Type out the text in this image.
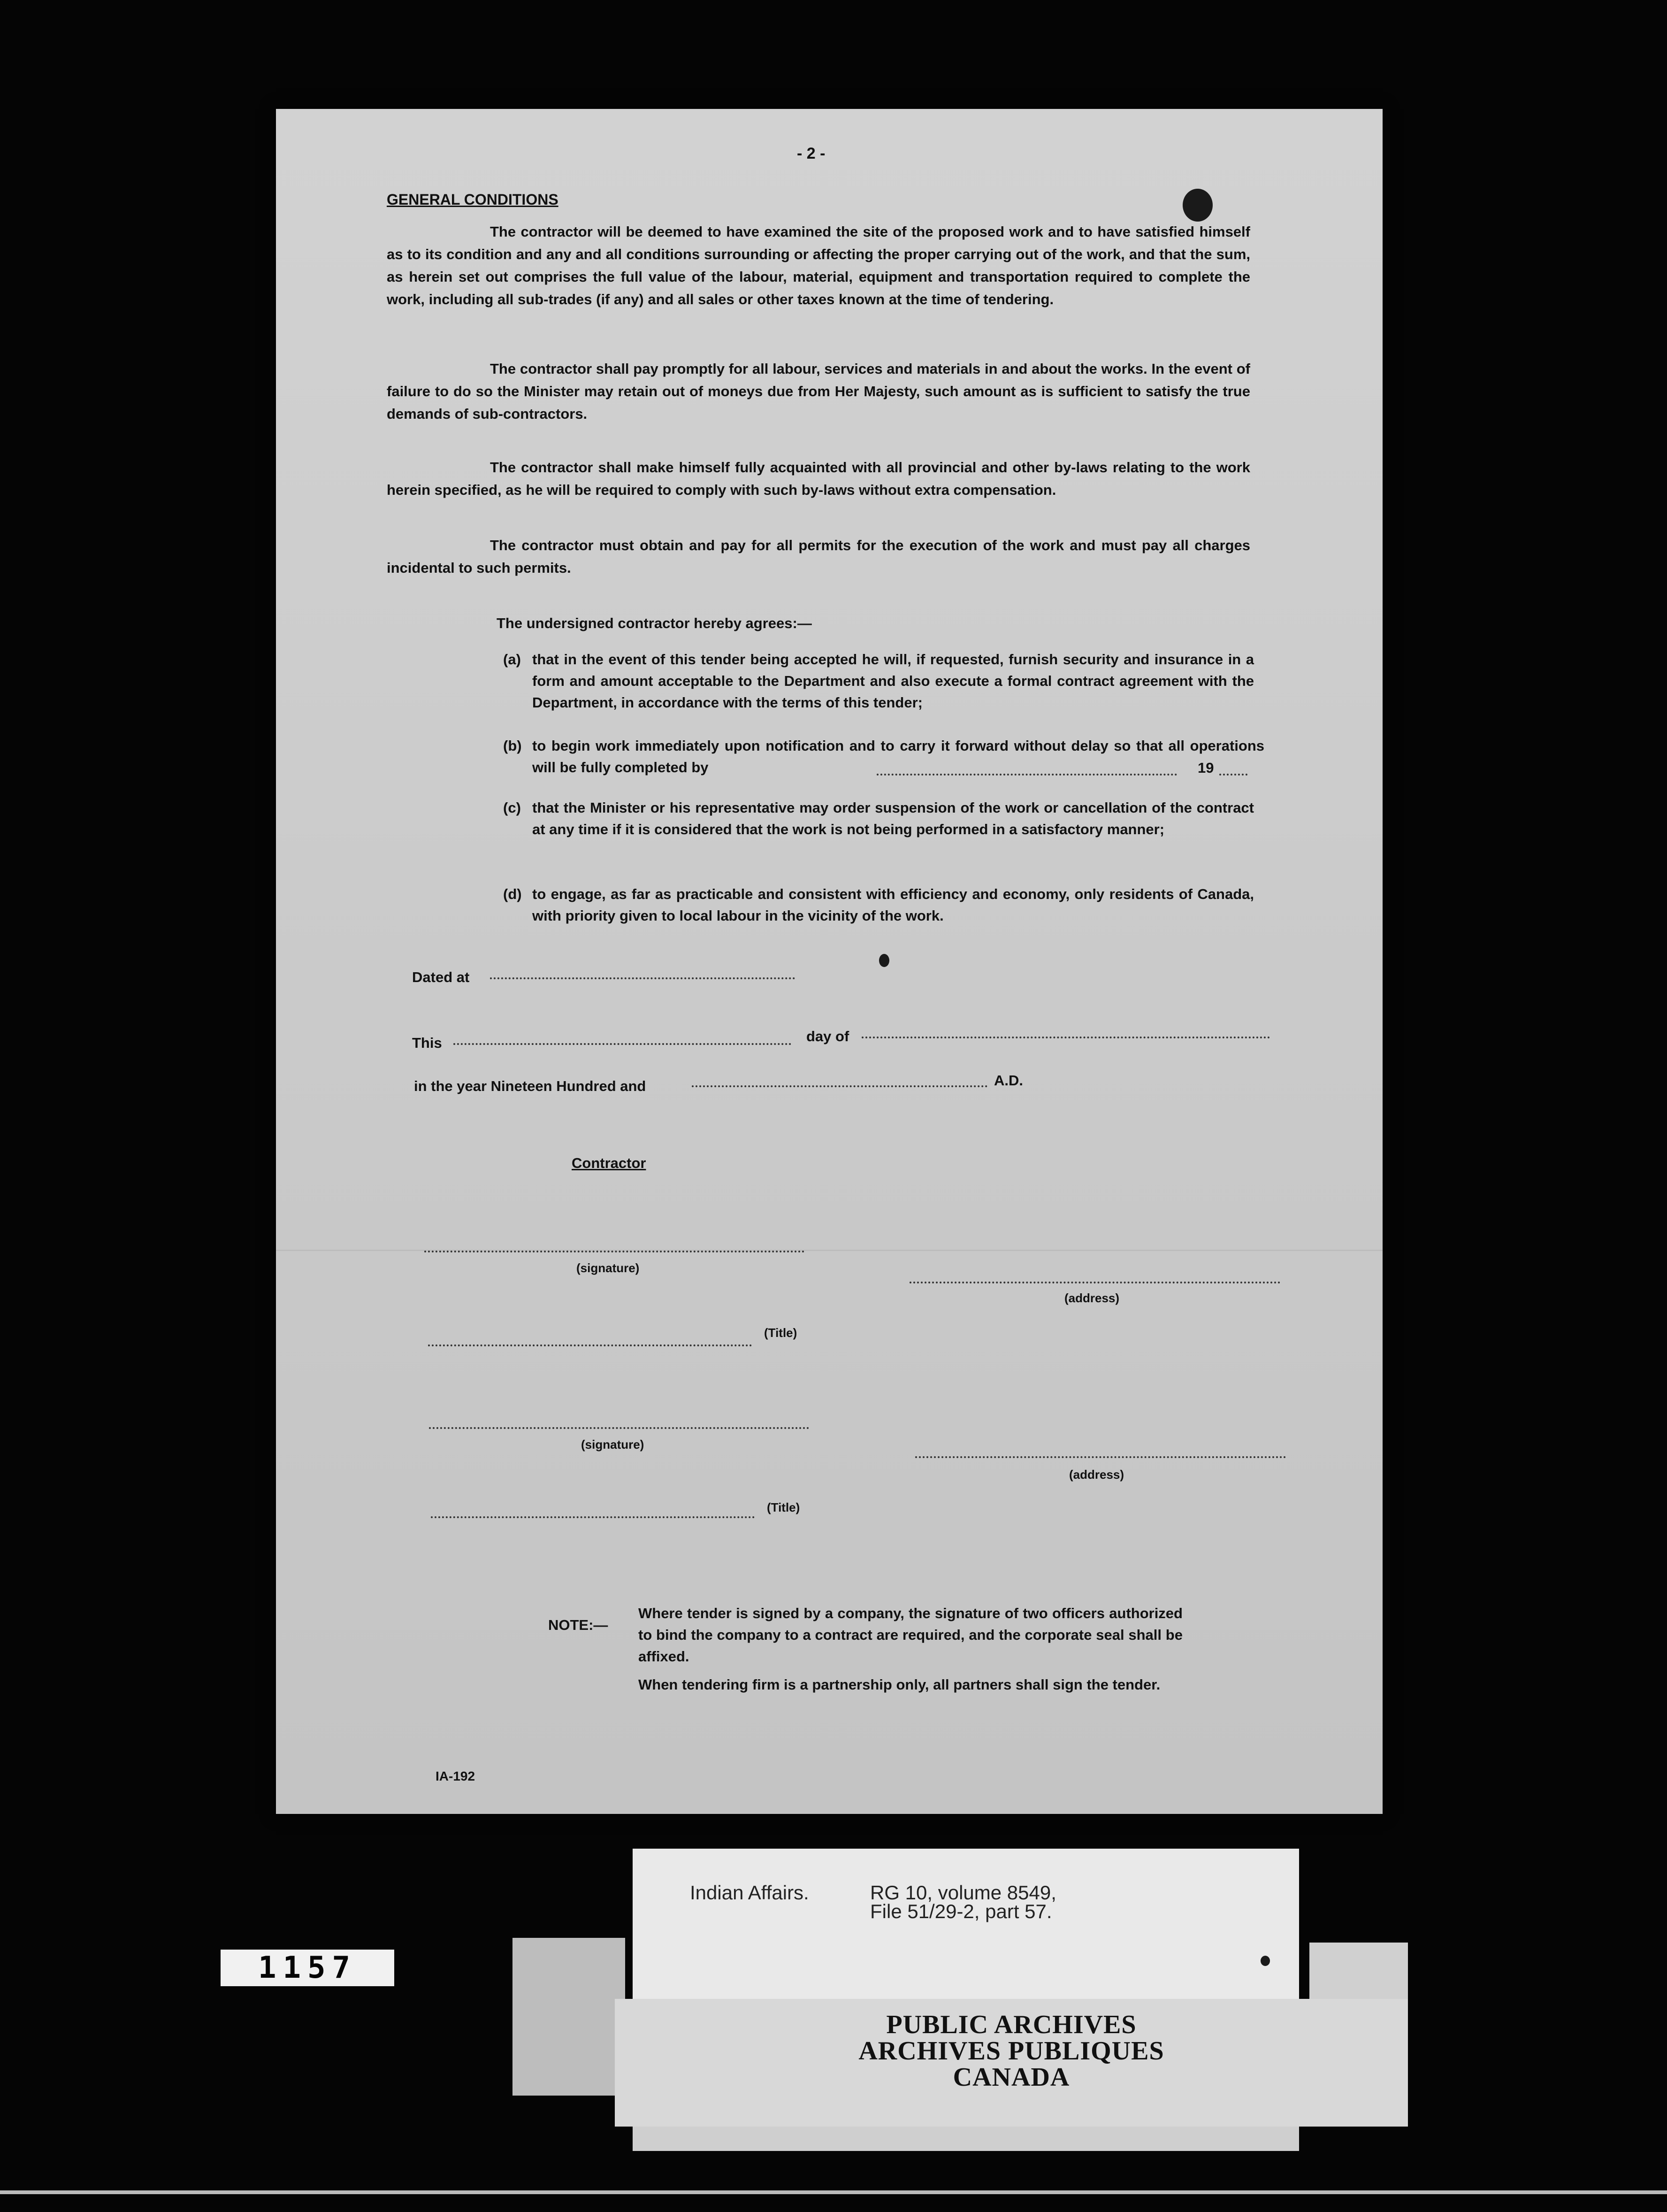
- 2 -
GENERAL CONDITIONS

The contractor will be deemed to have examined the site of the proposed work and to have satisfied himself as to its condition and any and all conditions surrounding or affecting the proper carrying out of the work, and that the sum, as herein set out comprises the full value of the labour, material, equipment and transportation required to complete the work, including all sub-trades (if any) and all sales or other taxes known at the time of tendering.

The contractor shall pay promptly for all labour, services and materials in and about the works. In the event of failure to do so the Minister may retain out of moneys due from Her Majesty, such amount as is sufficient to satisfy the true demands of sub-contractors.

The contractor shall make himself fully acquainted with all provincial and other by-laws relating to the work herein specified, as he will be required to comply with such by-laws without extra compensation.

The contractor must obtain and pay for all permits for the execution of the work and must pay all charges incidental to such permits.

The undersigned contractor hereby agrees:—
(a) that in the event of this tender being accepted he will, if requested, furnish security and insurance in a form and amount acceptable to the Department and also execute a formal contract agreement with the Department, in accordance with the terms of this tender;
(b) to begin work immediately upon notification and to carry it forward without delay so that all operations will be fully completed by	19
(c) that the Minister or his representative may order suspension of the work or cancellation of the contract at any time if it is considered that the work is not being performed in a satisfactory manner;
(d) to engage, as far as practicable and consistent with efficiency and economy, only residents of Canada, with priority given to local labour in the vicinity of the work.
Dated at
This	day of
in the year Nineteen Hundred and	A.D.
Contractor
(signature)
(address)
(Title)
(signature)
(address)
(Title)
NOTE:—

Where tender is signed by a company, the signature of two officers authorized to bind the company to a contract are required, and the corporate seal shall be affixed.

When tendering firm is a partnership only, all partners shall sign the tender.

IA-192
1157
Indian Affairs.	RG 10, volume 8549,
File 51/29-2, part 57.
PUBLIC ARCHIVES
ARCHIVES PUBLIQUES
CANADA
